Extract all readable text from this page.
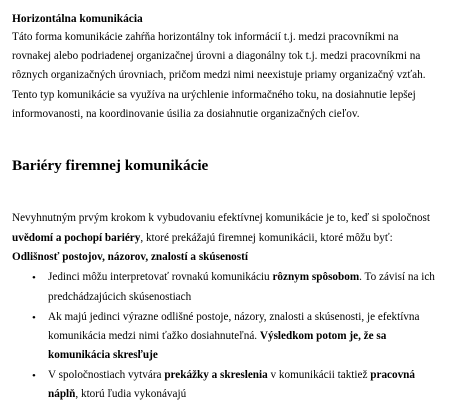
Horizontálna komunikácia
Táto forma komunikácie zahŕňa horizontálny tok informácií t.j. medzi pracovníkmi na
rovnakej alebo podriadenej organizačnej úrovni a diagonálny tok t.j. medzi pracovníkmi na
rôznych organizačných úrovniach, pričom medzi nimi neexistuje priamy organizačný vzťah.
Tento typ komunikácie sa využíva na urýchlenie informačného toku, na dosiahnutie lepšej
informovanosti, na koordinovanie úsilia za dosiahnutie organizačných cieľov.
Bariéry firemnej komunikácie
Nevyhnutným prvým krokom k vybudovaniu efektívnej komunikácie je to, keď si spoločnost
uvědomí a pochopí bariéry, ktoré prekážajú firemnej komunikácii, ktoré môžu byť:
Odlišnosť postojov, názorov, znalostí a skúseností
• Jedinci môžu interpretovať rovnakú komunikáciu rôznym spôsobom. To závisí na ich
predchádzajúcich skúsenostiach
• Ak majú jedinci výrazne odlišné postoje, názory, znalosti a skúsenosti, je efektívna
komunikácia medzi nimi ťažko dosiahnuteľná. Výsledkom potom je, že sa
komunikácia skresľuje
• V spoločnostiach vytvára prekážky a skreslenia v komunikácii taktiež pracovná
náplň, ktorú ľudia vykonávajú
